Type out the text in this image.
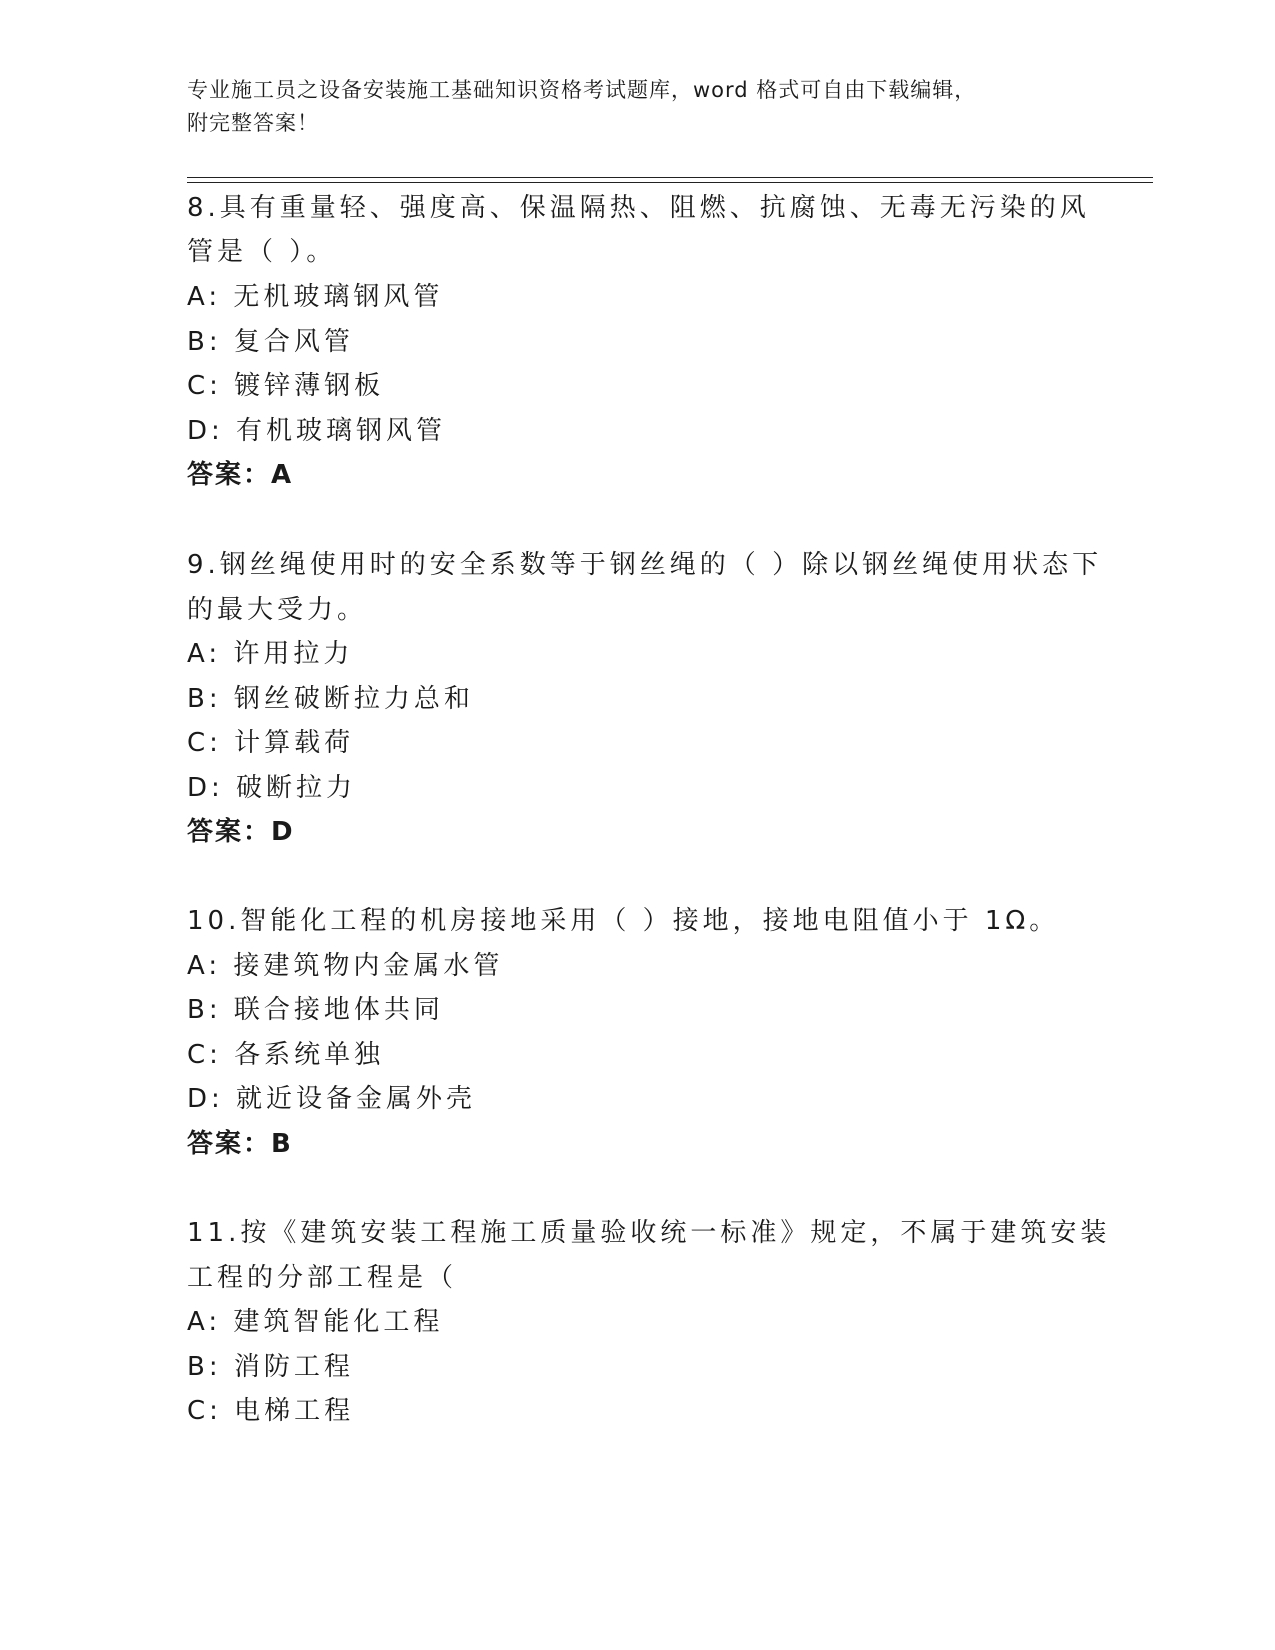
专业施工员之设备安装施工基础知识资格考试题库，word 格式可自由下载编辑，
附完整答案！
8.具有重量轻、强度高、保温隔热、阻燃、抗腐蚀、无毒无污染的风
管是（ ）。
A: 无机玻璃钢风管
B: 复合风管
C: 镀锌薄钢板
D: 有机玻璃钢风管
答案：A
9.钢丝绳使用时的安全系数等于钢丝绳的（ ）除以钢丝绳使用状态下
的最大受力。
A: 许用拉力
B: 钢丝破断拉力总和
C: 计算载荷
D: 破断拉力
答案：D
10.智能化工程的机房接地采用（ ）接地，接地电阻值小于 1Ω。
A: 接建筑物内金属水管
B: 联合接地体共同
C: 各系统单独
D: 就近设备金属外壳
答案：B
11.按《建筑安装工程施工质量验收统一标准》规定，不属于建筑安装
工程的分部工程是（
A: 建筑智能化工程
B: 消防工程
C: 电梯工程
